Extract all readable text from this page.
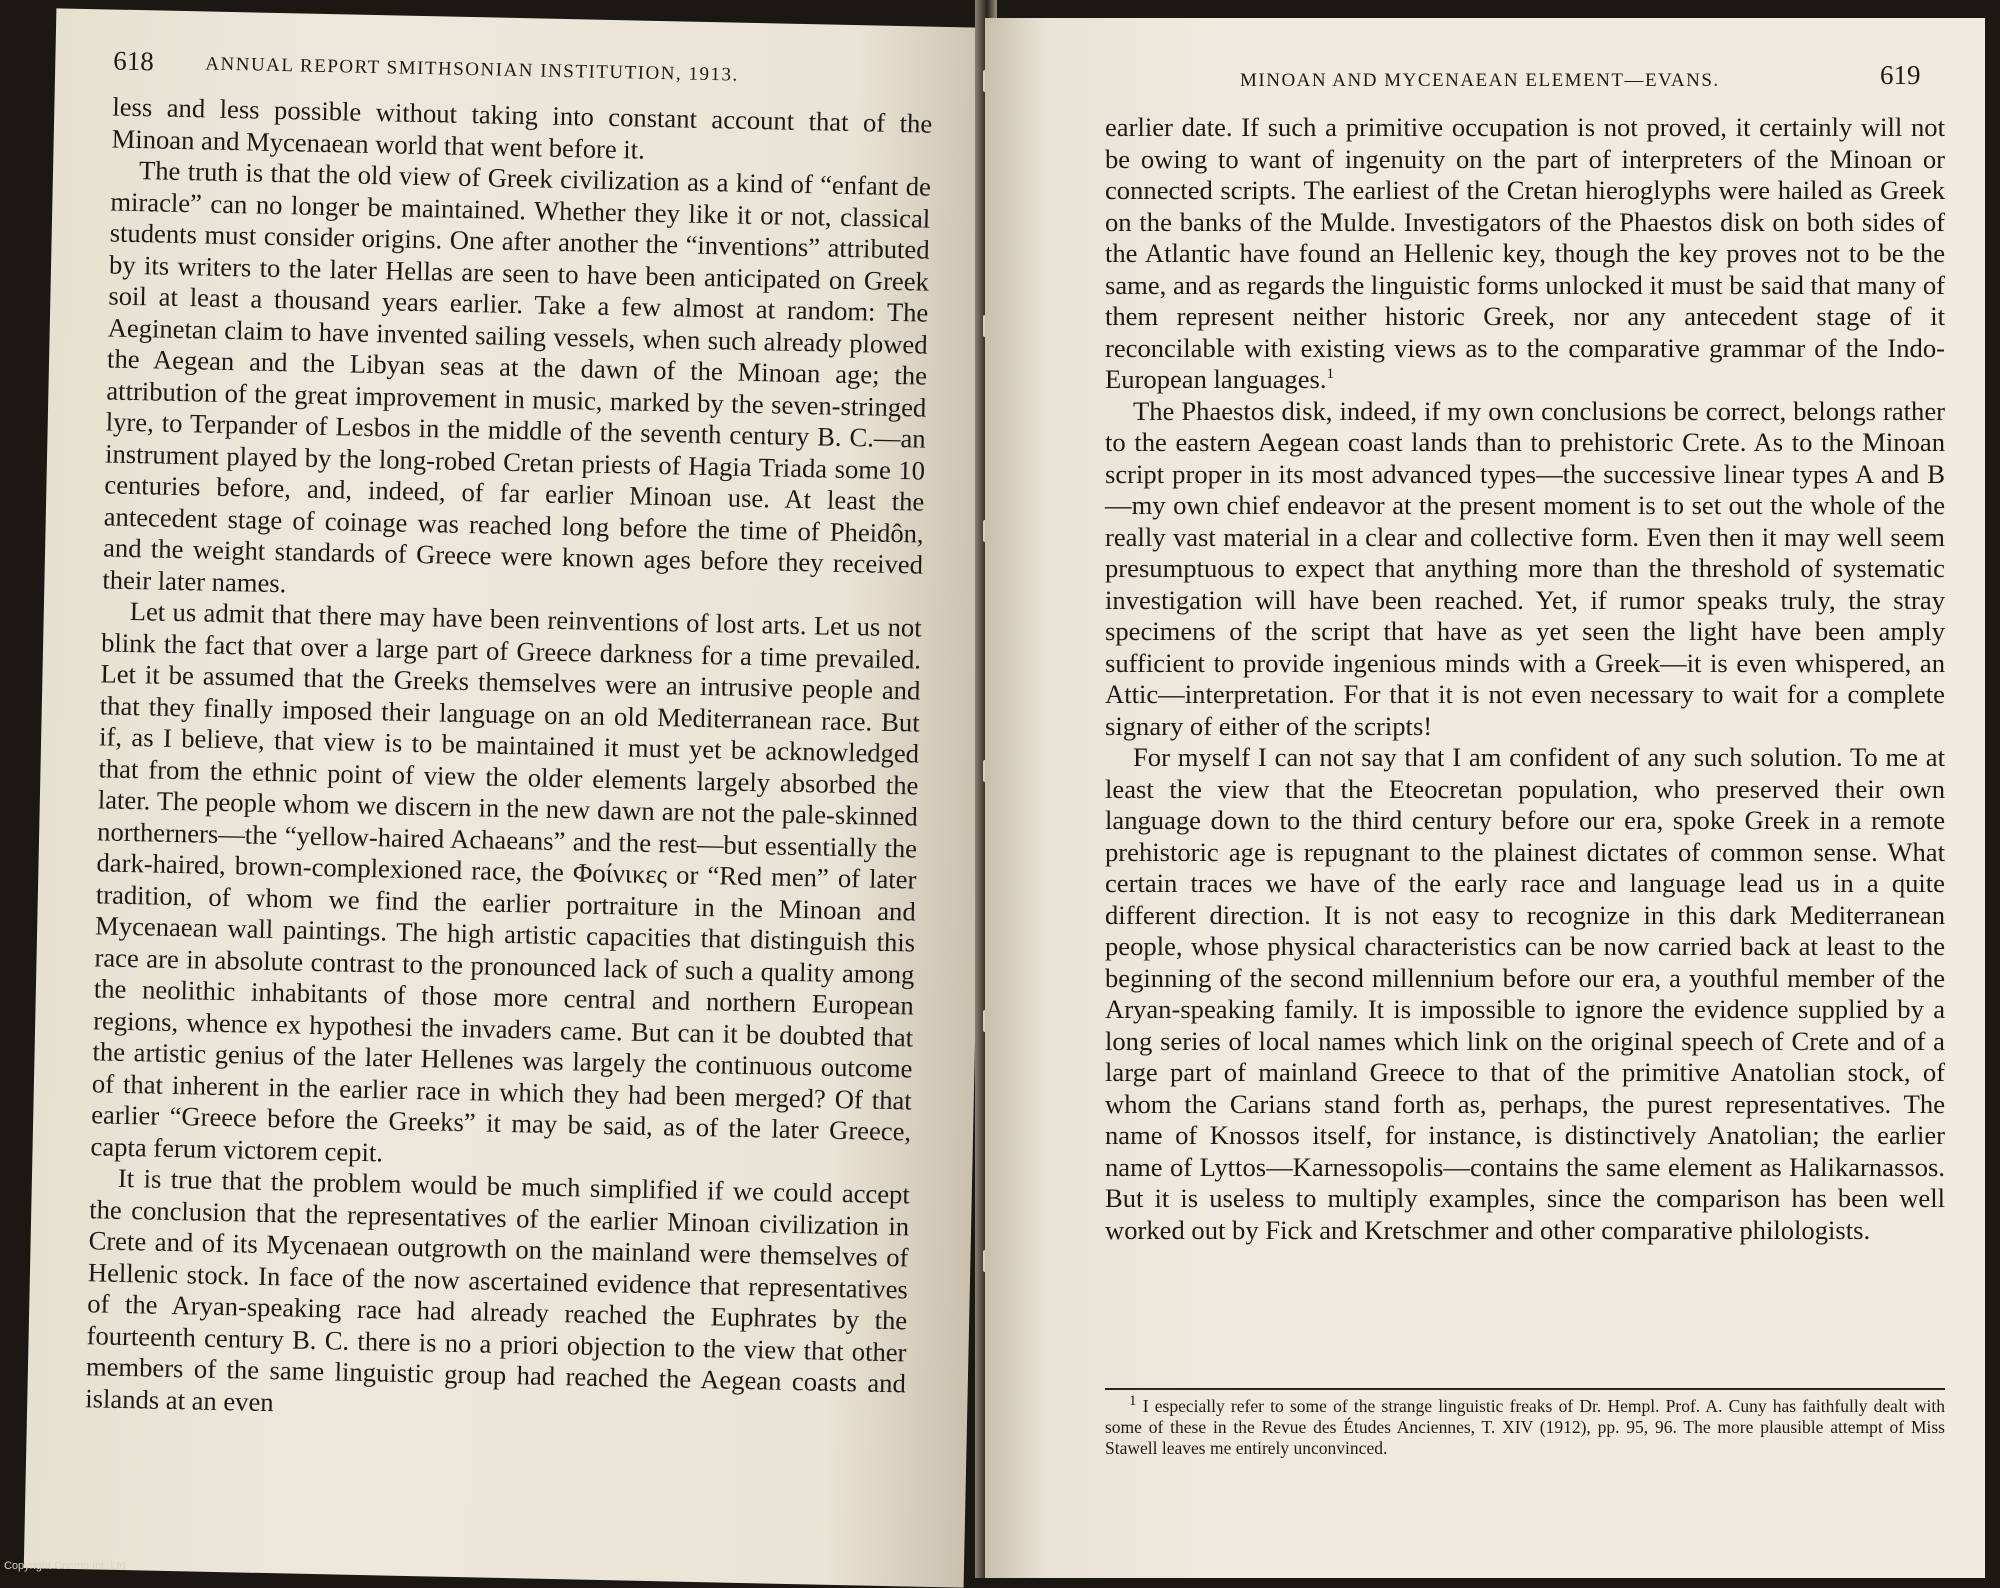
618	ANNUAL REPORT SMITHSONIAN INSTITUTION, 1913.

less and less possible without taking into constant account that of the Minoan and Mycenaean world that went before it.

The truth is that the old view of Greek civilization as a kind of “enfant de miracle” can no longer be maintained. Whether they like it or not, classical students must consider origins. One after another the “inventions” attributed by its writers to the later Hellas are seen to have been anticipated on Greek soil at least a thousand years earlier. Take a few almost at random: The Aeginetan claim to have invented sailing vessels, when such already plowed the Aegean and the Libyan seas at the dawn of the Minoan age; the attribution of the great improvement in music, marked by the seven-stringed lyre, to Terpander of Lesbos in the middle of the seventh century B. C.—an instrument played by the long-robed Cretan priests of Hagia Triada some 10 centuries before, and, indeed, of far earlier Minoan use. At least the antecedent stage of coinage was reached long before the time of Pheidôn, and the weight standards of Greece were known ages before they received their later names.

Let us admit that there may have been reinventions of lost arts. Let us not blink the fact that over a large part of Greece darkness for a time prevailed. Let it be assumed that the Greeks themselves were an intrusive people and that they finally imposed their language on an old Mediterranean race. But if, as I believe, that view is to be maintained it must yet be acknowledged that from the ethnic point of view the older elements largely absorbed the later. The people whom we discern in the new dawn are not the pale-skinned northerners—the “yellow-haired Achaeans” and the rest—but essentially the dark-haired, brown-complexioned race, the Φοίνικες or “Red men” of later tradition, of whom we find the earlier portraiture in the Minoan and Mycenaean wall paintings. The high artistic capacities that distinguish this race are in absolute contrast to the pronounced lack of such a quality among the neolithic inhabitants of those more central and northern European regions, whence ex hypothesi the invaders came. But can it be doubted that the artistic genius of the later Hellenes was largely the continuous outcome of that inherent in the earlier race in which they had been merged? Of that earlier “Greece before the Greeks” it may be said, as of the later Greece, capta ferum victorem cepit.

It is true that the problem would be much simplified if we could accept the conclusion that the representatives of the earlier Minoan civilization in Crete and of its Mycenaean outgrowth on the mainland were themselves of Hellenic stock. In face of the now ascertained evidence that representatives of the Aryan-speaking race had already reached the Euphrates by the fourteenth century B. C. there is no a priori objection to the view that other members of the same linguistic group had reached the Aegean coasts and islands at an even

MINOAN AND MYCENAEAN ELEMENT—EVANS.	619

earlier date. If such a primitive occupation is not proved, it certainly will not be owing to want of ingenuity on the part of interpreters of the Minoan or connected scripts. The earliest of the Cretan hieroglyphs were hailed as Greek on the banks of the Mulde. Investigators of the Phaestos disk on both sides of the Atlantic have found an Hellenic key, though the key proves not to be the same, and as regards the linguistic forms unlocked it must be said that many of them represent neither historic Greek, nor any antecedent stage of it reconcilable with existing views as to the comparative grammar of the Indo-European languages.$^1$

The Phaestos disk, indeed, if my own conclusions be correct, belongs rather to the eastern Aegean coast lands than to prehistoric Crete. As to the Minoan script proper in its most advanced types—the successive linear types A and B—my own chief endeavor at the present moment is to set out the whole of the really vast material in a clear and collective form. Even then it may well seem presumptuous to expect that anything more than the threshold of systematic investigation will have been reached. Yet, if rumor speaks truly, the stray specimens of the script that have as yet seen the light have been amply sufficient to provide ingenious minds with a Greek—it is even whispered, an Attic—interpretation. For that it is not even necessary to wait for a complete signary of either of the scripts!

For myself I can not say that I am confident of any such solution. To me at least the view that the Eteocretan population, who preserved their own language down to the third century before our era, spoke Greek in a remote prehistoric age is repugnant to the plainest dictates of common sense. What certain traces we have of the early race and language lead us in a quite different direction. It is not easy to recognize in this dark Mediterranean people, whose physical characteristics can be now carried back at least to the beginning of the second millennium before our era, a youthful member of the Aryan-speaking family. It is impossible to ignore the evidence supplied by a long series of local names which link on the original speech of Crete and of a large part of mainland Greece to that of the primitive Anatolian stock, of whom the Carians stand forth as, perhaps, the purest representatives. The name of Knossos itself, for instance, is distinctively Anatolian; the earlier name of Lyttos—Karnessopolis—contains the same element as Halikarnassos. But it is useless to multiply examples, since the comparison has been well worked out by Fick and Kretschmer and other comparative philologists.

$^1$ I especially refer to some of the strange linguistic freaks of Dr. Hempl. Prof. A. Cuny has faithfully dealt with some of these in the Revue des Études Anciennes, T. XIV (1912), pp. 95, 96. The more plausible attempt of Miss Stawell leaves me entirely unconvinced.

Copyright Cosmo Int. Ltd
